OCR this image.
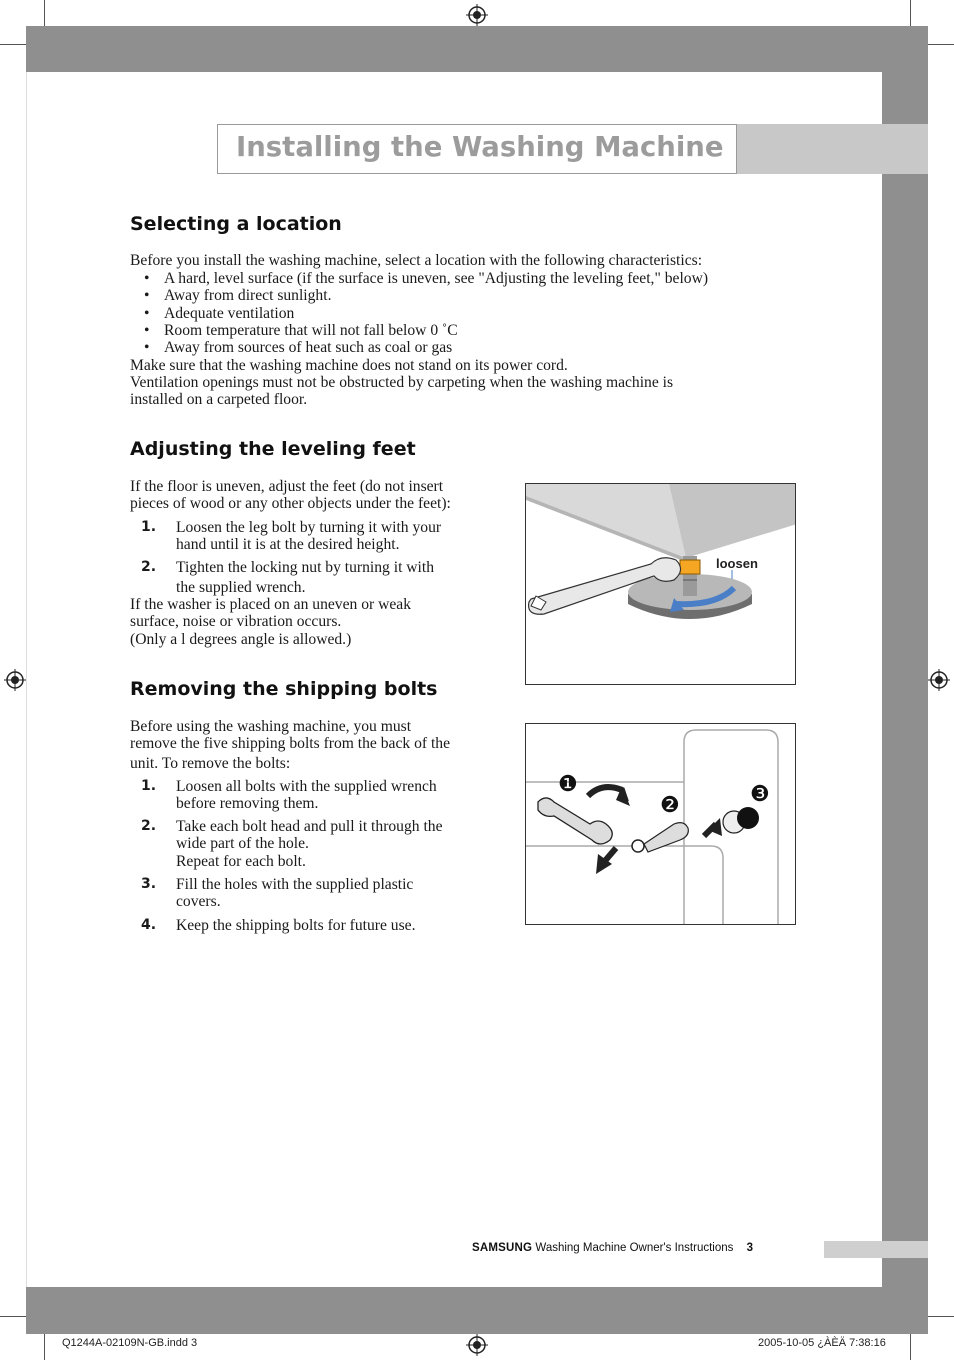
Installing the Washing Machine
Selecting a location
Before you install the washing machine, select a location with the following characteristics:
• A hard, level surface (if the surface is uneven, see "Adjusting the leveling feet," below)
• Away from direct sunlight.
• Adequate ventilation
• Room temperature that will not fall below 0 ˚C
• Away from sources of heat such as coal or gas
Make sure that the washing machine does not stand on its power cord.
Ventilation openings must not be obstructed by carpeting when the washing machine is
installed on a carpeted floor.
Adjusting the leveling feet
If the floor is uneven, adjust the feet (do not insert
pieces of wood or any other objects under the feet):
1. Loosen the leg bolt by turning it with your
hand until it is at the desired height.
2. Tighten the locking nut by turning it with
the supplied wrench.
If the washer is placed on an uneven or weak
surface, noise or vibration occurs.
(Only a l degrees angle is allowed.)
loosen
Removing the shipping bolts
Before using the washing machine, you must
remove the five shipping bolts from the back of the
unit. To remove the bolts:
1. Loosen all bolts with the supplied wrench
before removing them.
2. Take each bolt head and pull it through the
wide part of the hole.
Repeat for each bolt.
3. Fill the holes with the supplied plastic
covers.
4. Keep the shipping bolts for future use.
❶
❷	❸
SAMSUNG Washing Machine Owner's Instructions 3
Q1244A-02109N-GB.indd 3	2005-10-05 ¿ÀÈÄ 7:38:16
